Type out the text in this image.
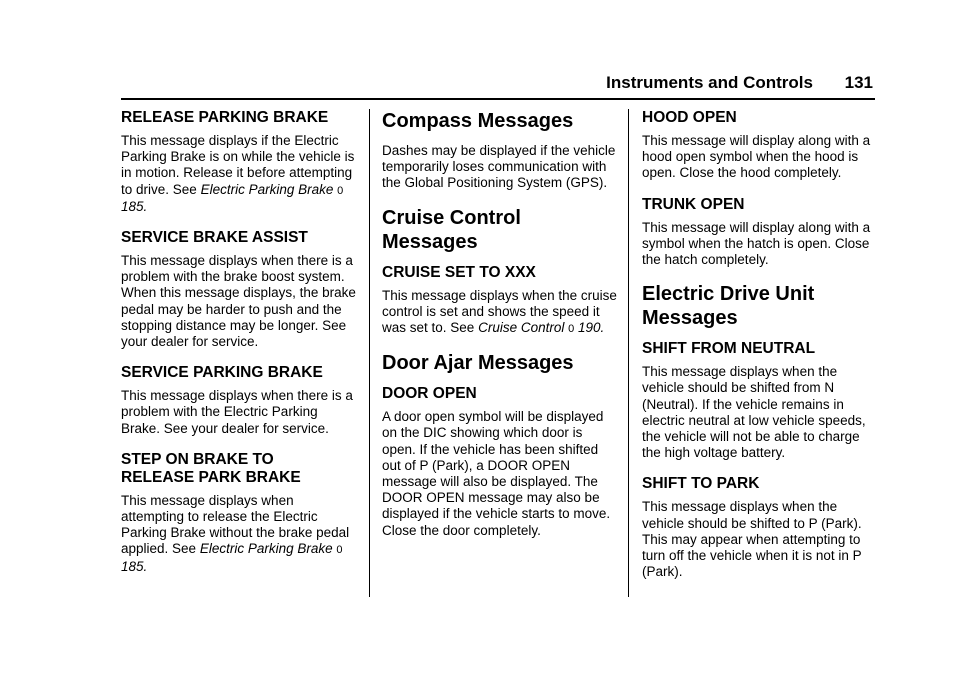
Instruments and Controls 131
RELEASE PARKING BRAKE

This message displays if the Electric Parking Brake is on while the vehicle is in motion. Release it before attempting to drive. See Electric Parking Brake 0 185.

SERVICE BRAKE ASSIST

This message displays when there is a problem with the brake boost system. When this message displays, the brake pedal may be harder to push and the stopping distance may be longer. See your dealer for service.

SERVICE PARKING BRAKE

This message displays when there is a problem with the Electric Parking Brake. See your dealer for service.

STEP ON BRAKE TO
RELEASE PARK BRAKE

This message displays when attempting to release the Electric Parking Brake without the brake pedal applied. See Electric Parking Brake 0 185.

Compass Messages

Dashes may be displayed if the vehicle temporarily loses communication with the Global Positioning System (GPS).

Cruise Control Messages
CRUISE SET TO XXX

This message displays when the cruise control is set and shows the speed it was set to. See Cruise Control 0 190.

Door Ajar Messages
DOOR OPEN

A door open symbol will be displayed on the DIC showing which door is open. If the vehicle has been shifted out of P (Park), a DOOR OPEN message will also be displayed. The DOOR OPEN message may also be displayed if the vehicle starts to move. Close the door completely.

HOOD OPEN

This message will display along with a hood open symbol when the hood is open. Close the hood completely.

TRUNK OPEN

This message will display along with a symbol when the hatch is open. Close the hatch completely.

Electric Drive Unit
Messages
SHIFT FROM NEUTRAL

This message displays when the vehicle should be shifted from N (Neutral). If the vehicle remains in electric neutral at low vehicle speeds, the vehicle will not be able to charge the high voltage battery.

SHIFT TO PARK

This message displays when the vehicle should be shifted to P (Park). This may appear when attempting to turn off the vehicle when it is not in P (Park).
